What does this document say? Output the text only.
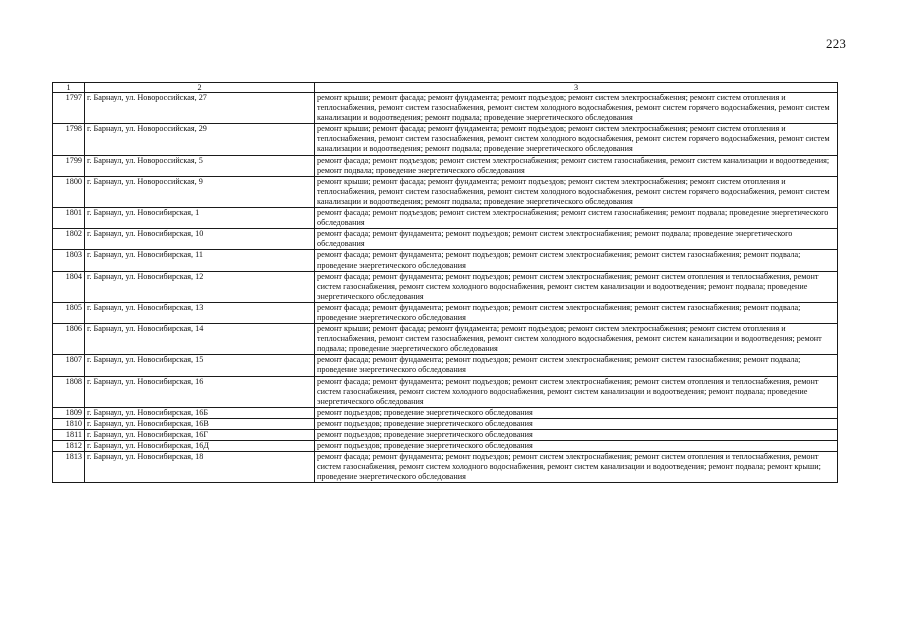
223
1	2	3
1797	г. Барнаул, ул. Новороссийская, 27	ремонт крыши; ремонт фасада; ремонт фундамента; ремонт подъездов; ремонт систем электроснабжения; ремонт систем отопления и теплоснабжения, ремонт систем газоснабжения, ремонт систем холодного водоснабжения, ремонт систем горячего водоснабжения, ремонт систем канализации и водоотведения; ремонт подвала; проведение энергетического обследования
1798	г. Барнаул, ул. Новороссийская, 29	ремонт крыши; ремонт фасада; ремонт фундамента; ремонт подъездов; ремонт систем электроснабжения; ремонт систем отопления и теплоснабжения, ремонт систем газоснабжения, ремонт систем холодного водоснабжения, ремонт систем горячего водоснабжения, ремонт систем канализации и водоотведения; ремонт подвала; проведение энергетического обследования
1799	г. Барнаул, ул. Новороссийская, 5	ремонт фасада; ремонт подъездов; ремонт систем электроснабжения; ремонт систем газоснабжения, ремонт систем канализации и водоотведения; ремонт подвала; проведение энергетического обследования
1800	г. Барнаул, ул. Новороссийская, 9	ремонт крыши; ремонт фасада; ремонт фундамента; ремонт подъездов; ремонт систем электроснабжения; ремонт систем отопления и теплоснабжения, ремонт систем газоснабжения, ремонт систем холодного водоснабжения, ремонт систем горячего водоснабжения, ремонт систем канализации и водоотведения; ремонт подвала; проведение энергетического обследования
1801	г. Барнаул, ул. Новосибирская, 1	ремонт фасада; ремонт подъездов; ремонт систем электроснабжения; ремонт систем газоснабжения; ремонт подвала; проведение энергетического обследования
1802	г. Барнаул, ул. Новосибирская, 10	ремонт фасада; ремонт фундамента; ремонт подъездов; ремонт систем электроснабжения; ремонт подвала; проведение энергетического обследования
1803	г. Барнаул, ул. Новосибирская, 11	ремонт фасада; ремонт фундамента; ремонт подъездов; ремонт систем электроснабжения; ремонт систем газоснабжения; ремонт подвала; проведение энергетического обследования
1804	г. Барнаул, ул. Новосибирская, 12	ремонт фасада; ремонт фундамента; ремонт подъездов; ремонт систем электроснабжения; ремонт систем отопления и теплоснабжения, ремонт систем газоснабжения, ремонт систем холодного водоснабжения, ремонт систем канализации и водоотведения; ремонт подвала; проведение энергетического обследования
1805	г. Барнаул, ул. Новосибирская, 13	ремонт фасада; ремонт фундамента; ремонт подъездов; ремонт систем электроснабжения; ремонт систем газоснабжения; ремонт подвала; проведение энергетического обследования
1806	г. Барнаул, ул. Новосибирская, 14	ремонт крыши; ремонт фасада; ремонт фундамента; ремонт подъездов; ремонт систем электроснабжения; ремонт систем отопления и теплоснабжения, ремонт систем газоснабжения, ремонт систем холодного водоснабжения, ремонт систем канализации и водоотведения; ремонт подвала; проведение энергетического обследования
1807	г. Барнаул, ул. Новосибирская, 15	ремонт фасада; ремонт фундамента; ремонт подъездов; ремонт систем электроснабжения; ремонт систем газоснабжения; ремонт подвала; проведение энергетического обследования
1808	г. Барнаул, ул. Новосибирская, 16	ремонт фасада; ремонт фундамента; ремонт подъездов; ремонт систем электроснабжения; ремонт систем отопления и теплоснабжения, ремонт систем газоснабжения, ремонт систем холодного водоснабжения, ремонт систем канализации и водоотведения; ремонт подвала; проведение энергетического обследования
1809	г. Барнаул, ул. Новосибирская, 16Б	ремонт подъездов; проведение энергетического обследования
1810	г. Барнаул, ул. Новосибирская, 16В	ремонт подъездов; проведение энергетического обследования
1811	г. Барнаул, ул. Новосибирская, 16Г	ремонт подъездов; проведение энергетического обследования
1812	г. Барнаул, ул. Новосибирская, 16Д	ремонт подъездов; проведение энергетического обследования
1813	г. Барнаул, ул. Новосибирская, 18	ремонт фасада; ремонт фундамента; ремонт подъездов; ремонт систем электроснабжения; ремонт систем отопления и теплоснабжения, ремонт систем газоснабжения, ремонт систем холодного водоснабжения, ремонт систем канализации и водоотведения; ремонт подвала; ремонт крыши; проведение энергетического обследования
